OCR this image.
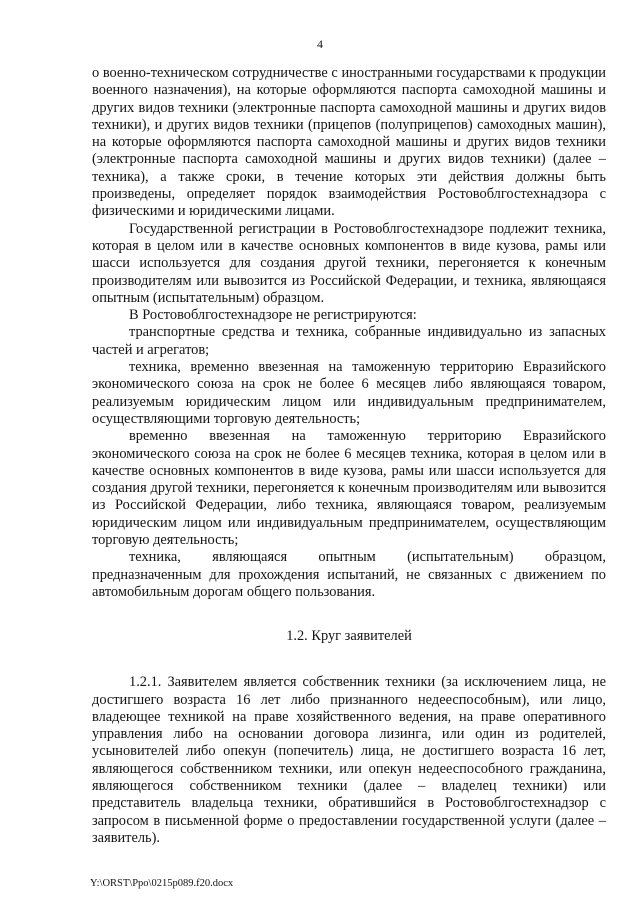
4

о военно-техническом сотрудничестве с иностранными государствами к продукции военного назначения), на которые оформляются паспорта самоходной машины и других видов техники (электронные паспорта самоходной машины и других видов техники), и других видов техники (прицепов (полуприцепов) самоходных машин), на которые оформляются паспорта самоходной машины и других видов техники (электронные паспорта самоходной машины и других видов техники) (далее – техника), а также сроки, в течение которых эти действия должны быть произведены, определяет порядок взаимодействия Ростовоблгостехнадзора с физическими и юридическими лицами.

Государственной регистрации в Ростовоблгостехнадзоре подлежит техника, которая в целом или в качестве основных компонентов в виде кузова, рамы или шасси используется для создания другой техники, перегоняется к конечным производителям или вывозится из Российской Федерации, и техника, являющаяся опытным (испытательным) образцом.

В Ростовоблгостехнадзоре не регистрируются:

транспортные средства и техника, собранные индивидуально из запасных частей и агрегатов;

техника, временно ввезенная на таможенную территорию Евразийского экономического союза на срок не более 6 месяцев либо являющаяся товаром, реализуемым юридическим лицом или индивидуальным предпринимателем, осуществляющими торговую деятельность;

временно ввезенная на таможенную территорию Евразийского экономического союза на срок не более 6 месяцев техника, которая в целом или в качестве основных компонентов в виде кузова, рамы или шасси используется для создания другой техники, перегоняется к конечным производителям или вывозится из Российской Федерации, либо техника, являющаяся товаром, реализуемым юридическим лицом или индивидуальным предпринимателем, осуществляющим торговую деятельность;

техника, являющаяся опытным (испытательным) образцом, предназначенным для прохождения испытаний, не связанных с движением по автомобильным дорогам общего пользования.

1.2. Круг заявителей

1.2.1. Заявителем является собственник техники (за исключением лица, не достигшего возраста 16 лет либо признанного недееспособным), или лицо, владеющее техникой на праве хозяйственного ведения, на праве оперативного управления либо на основании договора лизинга, или один из родителей, усыновителей либо опекун (попечитель) лица, не достигшего возраста 16 лет, являющегося собственником техники, или опекун недееспособного гражданина, являющегося собственником техники (далее – владелец техники) или представитель владельца техники, обратившийся в Ростовоблгостехнадзор с запросом в письменной форме о предоставлении государственной услуги (далее – заявитель).

Y:\ORST\Ppo\0215p089.f20.docx
